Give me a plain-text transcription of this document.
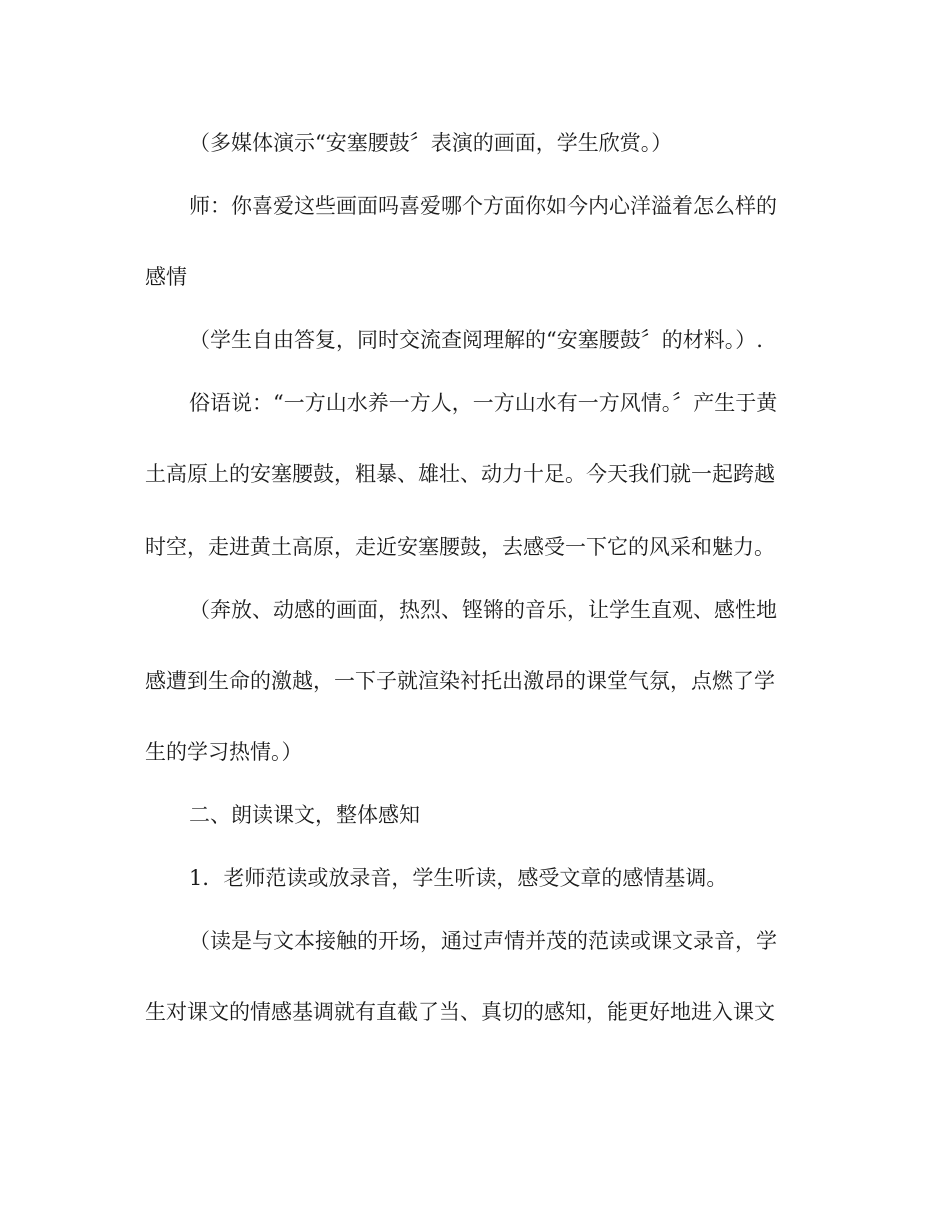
（多媒体演示“安塞腰鼓〞表演的画面，学生欣赏。）
师：你喜爱这些画面吗喜爱哪个方面你如今内心洋溢着怎么样的
感情
（学生自由答复，同时交流查阅理解的“安塞腰鼓〞的材料。）.
俗语说：“一方山水养一方人，一方山水有一方风情。〞产生于黄
土高原上的安塞腰鼓，粗暴、雄壮、动力十足。今天我们就一起跨越
时空，走进黄土高原，走近安塞腰鼓，去感受一下它的风采和魅力。
（奔放、动感的画面，热烈、铿锵的音乐，让学生直观、感性地
感遭到生命的激越，一下子就渲染衬托出激昂的课堂气氛，点燃了学
生的学习热情。）
二、朗读课文，整体感知
1．老师范读或放录音，学生听读，感受文章的感情基调。
（读是与文本接触的开场，通过声情并茂的范读或课文录音，学
生对课文的情感基调就有直截了当、真切的感知，能更好地进入课文
